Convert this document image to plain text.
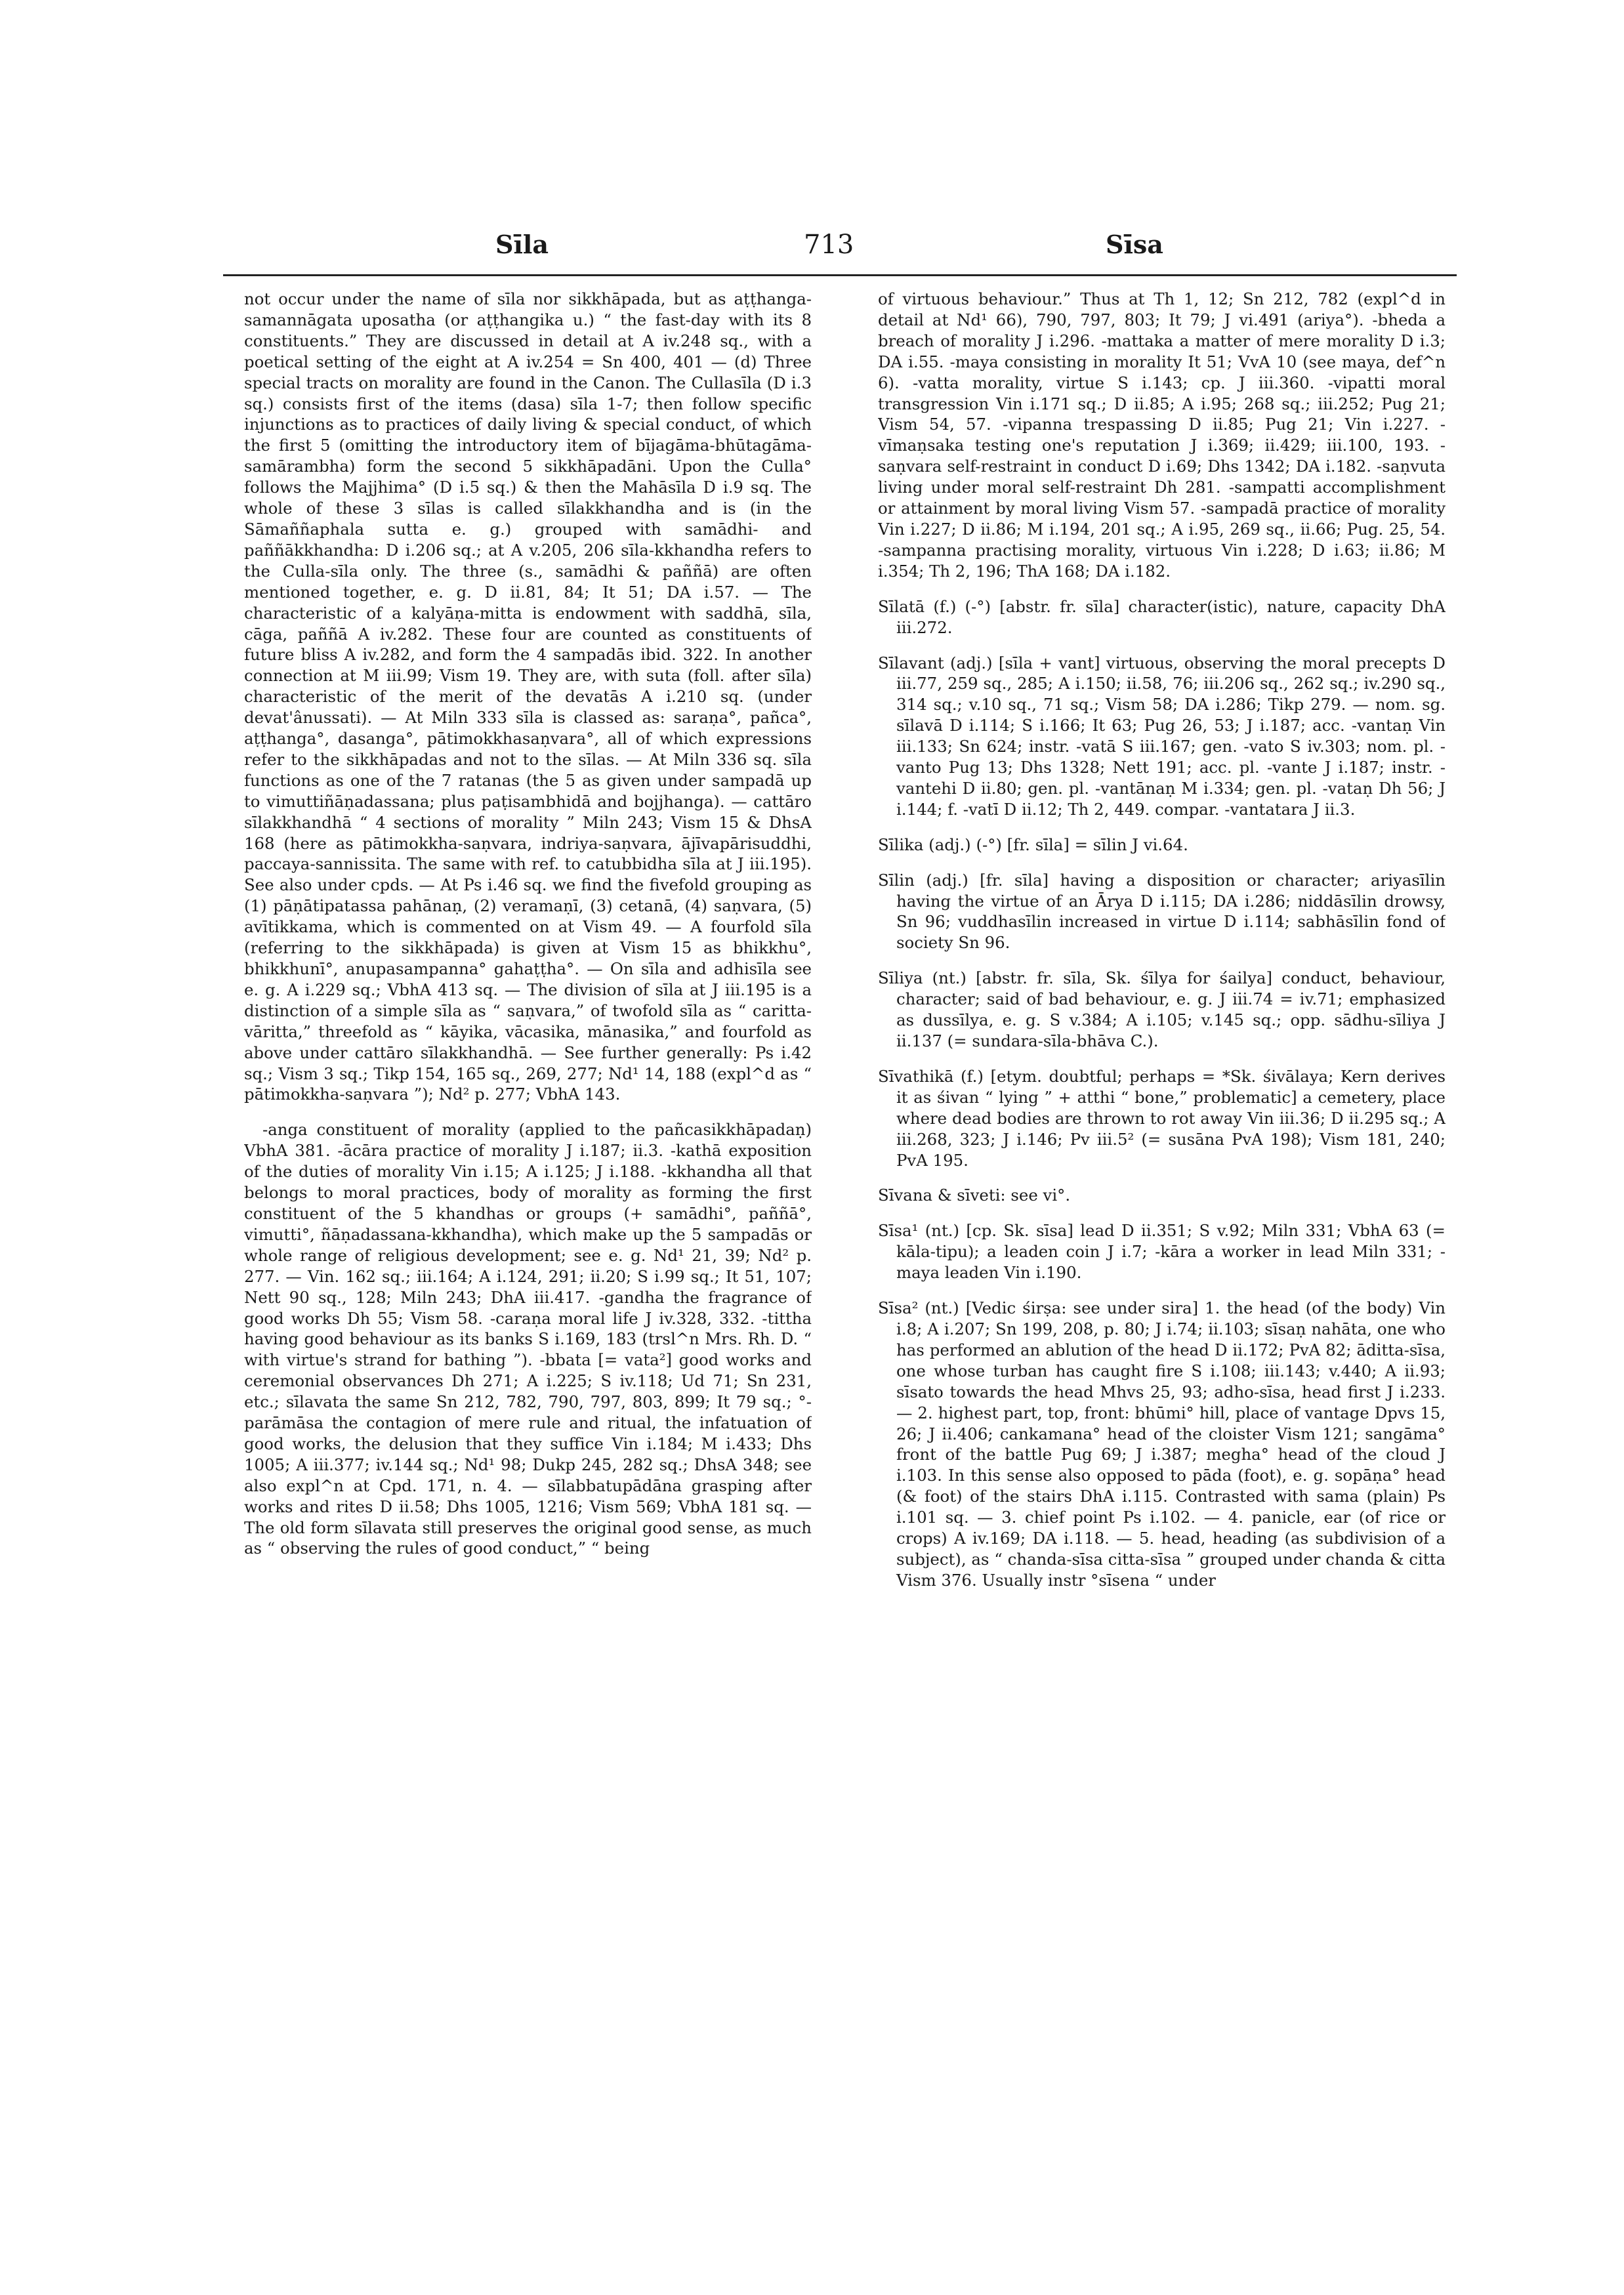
Sīla	713	Sīsa

not occur under the name of sīla nor sikkhāpada, but as aṭṭhanga-samannāgata uposatha (or aṭṭhangika u.) “ the fast-day with its 8 constituents.” They are discussed in detail at A iv.248 sq., with a poetical setting of the eight at A iv.254 = Sn 400, 401 — (d) Three special tracts on morality are found in the Canon. The Cullasīla (D i.3 sq.) consists first of the items (dasa) sīla 1-7; then follow specific injunctions as to practices of daily living & special conduct, of which the first 5 (omitting the introductory item of bījagāma-bhūtagāma-samārambha) form the second 5 sikkhāpadāni. Upon the Culla° follows the Majjhima° (D i.5 sq.) & then the Mahāsīla D i.9 sq. The whole of these 3 sīlas is called sīlakkhandha and is (in the Sāmaññaphala sutta e. g.) grouped with samādhi- and paññākkhandha: D i.206 sq.; at A v.205, 206 sīla-kkhandha refers to the Culla-sīla only. The three (s., samādhi & paññā) are often mentioned together, e. g. D ii.81, 84; It 51; DA i.57. — The characteristic of a kalyāṇa-mitta is endowment with saddhā, sīla, cāga, paññā A iv.282. These four are counted as constituents of future bliss A iv.282, and form the 4 sampadās ibid. 322. In another connection at M iii.99; Vism 19. They are, with suta (foll. after sīla) characteristic of the merit of the devatās A i.210 sq. (under devat'ânussati). — At Miln 333 sīla is classed as: saraṇa°, pañca°, aṭṭhanga°, dasanga°, pātimokkhasaṇvara°, all of which expressions refer to the sikkhāpadas and not to the sīlas. — At Miln 336 sq. sīla functions as one of the 7 ratanas (the 5 as given under sampadā up to vimuttiñāṇadassana; plus paṭisambhidā and bojjhanga). — cattāro sīlakkhandhā “ 4 sections of morality ” Miln 243; Vism 15 & DhsA 168 (here as pātimokkha-saṇvara, indriya-saṇvara, ājīvapārisuddhi, paccaya-sannissita. The same with ref. to catubbidha sīla at J iii.195). See also under cpds. — At Ps i.46 sq. we find the fivefold grouping as (1) pāṇātipatassa pahānaṇ, (2) veramaṇī, (3) cetanā, (4) saṇvara, (5) avītikkama, which is commented on at Vism 49. — A fourfold sīla (referring to the sikkhāpada) is given at Vism 15 as bhikkhu°, bhikkhunī°, anupasampanna° gahaṭṭha°. — On sīla and adhisīla see e. g. A i.229 sq.; VbhA 413 sq. — The division of sīla at J iii.195 is a distinction of a simple sīla as “ saṇvara,” of twofold sīla as “ caritta-vāritta,” threefold as “ kāyika, vācasika, mānasika,” and fourfold as above under cattāro sīlakkhandhā. — See further generally: Ps i.42 sq.; Vism 3 sq.; Tikp 154, 165 sq., 269, 277; Nd¹ 14, 188 (expl^d as “ pātimokkha-saṇvara ”); Nd² p. 277; VbhA 143.

-anga constituent of morality (applied to the pañcasikkhāpadaṇ) VbhA 381. -ācāra practice of morality J i.187; ii.3. -kathā exposition of the duties of morality Vin i.15; A i.125; J i.188. -kkhandha all that belongs to moral practices, body of morality as forming the first constituent of the 5 khandhas or groups (+ samādhi°, paññā°, vimutti°, ñāṇadassana-kkhandha), which make up the 5 sampadās or whole range of religious development; see e. g. Nd¹ 21, 39; Nd² p. 277. — Vin. 162 sq.; iii.164; A i.124, 291; ii.20; S i.99 sq.; It 51, 107; Nett 90 sq., 128; Miln 243; DhA iii.417. -gandha the fragrance of good works Dh 55; Vism 58. -caraṇa moral life J iv.328, 332. -tittha having good behaviour as its banks S i.169, 183 (trsl^n Mrs. Rh. D. “ with virtue's strand for bathing ”). -bbata [= vata²] good works and ceremonial observances Dh 271; A i.225; S iv.118; Ud 71; Sn 231, etc.; sīlavata the same Sn 212, 782, 790, 797, 803, 899; It 79 sq.; °-parāmāsa the contagion of mere rule and ritual, the infatuation of good works, the delusion that they suffice Vin i.184; M i.433; Dhs 1005; A iii.377; iv.144 sq.; Nd¹ 98; Dukp 245, 282 sq.; DhsA 348; see also expl^n at Cpd. 171, n. 4. — sīlabbatupādāna grasping after works and rites D ii.58; Dhs 1005, 1216; Vism 569; VbhA 181 sq. — The old form sīlavata still preserves the original good sense, as much as “ observing the rules of good conduct,” “ being

of virtuous behaviour.” Thus at Th 1, 12; Sn 212, 782 (expl^d in detail at Nd¹ 66), 790, 797, 803; It 79; J vi.491 (ariya°). -bheda a breach of morality J i.296. -mattaka a matter of mere morality D i.3; DA i.55. -maya consisting in morality It 51; VvA 10 (see maya, def^n 6). -vatta morality, virtue S i.143; cp. J iii.360. -vipatti moral transgression Vin i.171 sq.; D ii.85; A i.95; 268 sq.; iii.252; Pug 21; Vism 54, 57. -vipanna trespassing D ii.85; Pug 21; Vin i.227. -vīmaṇsaka testing one's reputation J i.369; ii.429; iii.100, 193. -saṇvara self-restraint in conduct D i.69; Dhs 1342; DA i.182. -saṇvuta living under moral self-restraint Dh 281. -sampatti accomplishment or attainment by moral living Vism 57. -sampadā practice of morality Vin i.227; D ii.86; M i.194, 201 sq.; A i.95, 269 sq., ii.66; Pug. 25, 54. -sampanna practising morality, virtuous Vin i.228; D i.63; ii.86; M i.354; Th 2, 196; ThA 168; DA i.182.

Sīlatā (f.) (-°) [abstr. fr. sīla] character(istic), nature, capacity DhA iii.272.

Sīlavant (adj.) [sīla + vant] virtuous, observing the moral precepts D iii.77, 259 sq., 285; A i.150; ii.58, 76; iii.206 sq., 262 sq.; iv.290 sq., 314 sq.; v.10 sq., 71 sq.; Vism 58; DA i.286; Tikp 279. — nom. sg. sīlavā D i.114; S i.166; It 63; Pug 26, 53; J i.187; acc. -vantaṇ Vin iii.133; Sn 624; instr. -vatā S iii.167; gen. -vato S iv.303; nom. pl. -vanto Pug 13; Dhs 1328; Nett 191; acc. pl. -vante J i.187; instr. -vantehi D ii.80; gen. pl. -vantānaṇ M i.334; gen. pl. -vataṇ Dh 56; J i.144; f. -vatī D ii.12; Th 2, 449. compar. -vantatara J ii.3.

Sīlika (adj.) (-°) [fr. sīla] = sīlin J vi.64.

Sīlin (adj.) [fr. sīla] having a disposition or character; ariyasīlin having the virtue of an Ārya D i.115; DA i.286; niddāsīlin drowsy, Sn 96; vuddhasīlin increased in virtue D i.114; sabhāsīlin fond of society Sn 96.

Sīliya (nt.) [abstr. fr. sīla, Sk. śīlya for śailya] conduct, behaviour, character; said of bad behaviour, e. g. J iii.74 = iv.71; emphasized as dussīlya, e. g. S v.384; A i.105; v.145 sq.; opp. sādhu-sīliya J ii.137 (= sundara-sīla-bhāva C.).

Sīvathikā (f.) [etym. doubtful; perhaps = *Sk. śivālaya; Kern derives it as śivan “ lying ” + atthi “ bone,” problematic] a cemetery, place where dead bodies are thrown to rot away Vin iii.36; D ii.295 sq.; A iii.268, 323; J i.146; Pv iii.5² (= susāna PvA 198); Vism 181, 240; PvA 195.

Sīvana & sīveti: see vi°.

Sīsa¹ (nt.) [cp. Sk. sīsa] lead D ii.351; S v.92; Miln 331; VbhA 63 (= kāla-tipu); a leaden coin J i.7; -kāra a worker in lead Miln 331; -maya leaden Vin i.190.

Sīsa² (nt.) [Vedic śirṣa: see under sira] 1. the head (of the body) Vin i.8; A i.207; Sn 199, 208, p. 80; J i.74; ii.103; sīsaṇ nahāta, one who has performed an ablution of the head D ii.172; PvA 82; āditta-sīsa, one whose turban has caught fire S i.108; iii.143; v.440; A ii.93; sīsato towards the head Mhvs 25, 93; adho-sīsa, head first J i.233. — 2. highest part, top, front: bhūmi° hill, place of vantage Dpvs 15, 26; J ii.406; cankamana° head of the cloister Vism 121; sangāma° front of the battle Pug 69; J i.387; megha° head of the cloud J i.103. In this sense also opposed to pāda (foot), e. g. sopāṇa° head (& foot) of the stairs DhA i.115. Contrasted with sama (plain) Ps i.101 sq. — 3. chief point Ps i.102. — 4. panicle, ear (of rice or crops) A iv.169; DA i.118. — 5. head, heading (as subdivision of a subject), as “ chanda-sīsa citta-sīsa ” grouped under chanda & citta Vism 376. Usually instr °sīsena “ under
